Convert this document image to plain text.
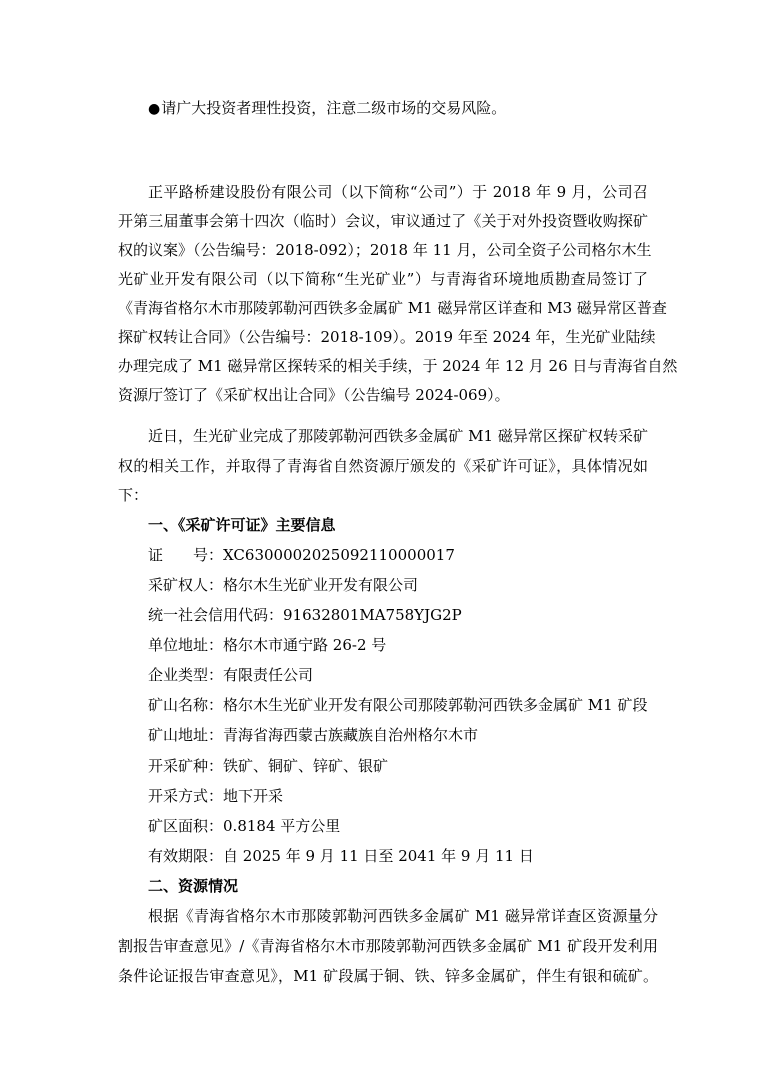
●请广大投资者理性投资，注意二级市场的交易风险。
正平路桥建设股份有限公司（以下简称“公司”）于 2018 年 9 月，公司召
开第三届董事会第十四次（临时）会议，审议通过了《关于对外投资暨收购探矿
权的议案》（公告编号：2018-092）；2018 年 11 月，公司全资子公司格尔木生
光矿业开发有限公司（以下简称“生光矿业”）与青海省环境地质勘查局签订了
《青海省格尔木市那陵郭勒河西铁多金属矿 M1 磁异常区详查和 M3 磁异常区普查
探矿权转让合同》（公告编号：2018-109）。2019 年至 2024 年，生光矿业陆续
办理完成了 M1 磁异常区探转采的相关手续，于 2024 年 12 月 26 日与青海省自然
资源厅签订了《采矿权出让合同》（公告编号 2024-069）。
近日，生光矿业完成了那陵郭勒河西铁多金属矿 M1 磁异常区探矿权转采矿
权的相关工作，并取得了青海省自然资源厅颁发的《采矿许可证》，具体情况如
下：
一、《采矿许可证》主要信息
证　　号：XC6300002025092110000017
采矿权人：格尔木生光矿业开发有限公司
统一社会信用代码：91632801MA758YJG2P
单位地址：格尔木市通宁路 26-2 号
企业类型：有限责任公司
矿山名称：格尔木生光矿业开发有限公司那陵郭勒河西铁多金属矿 M1 矿段
矿山地址：青海省海西蒙古族藏族自治州格尔木市
开采矿种：铁矿、铜矿、锌矿、银矿
开采方式：地下开采
矿区面积：0.8184 平方公里
有效期限：自 2025 年 9 月 11 日至 2041 年 9 月 11 日
二、资源情况
根据《青海省格尔木市那陵郭勒河西铁多金属矿 M1 磁异常详查区资源量分
割报告审查意见》/《青海省格尔木市那陵郭勒河西铁多金属矿 M1 矿段开发利用
条件论证报告审查意见》，M1 矿段属于铜、铁、锌多金属矿，伴生有银和硫矿。
